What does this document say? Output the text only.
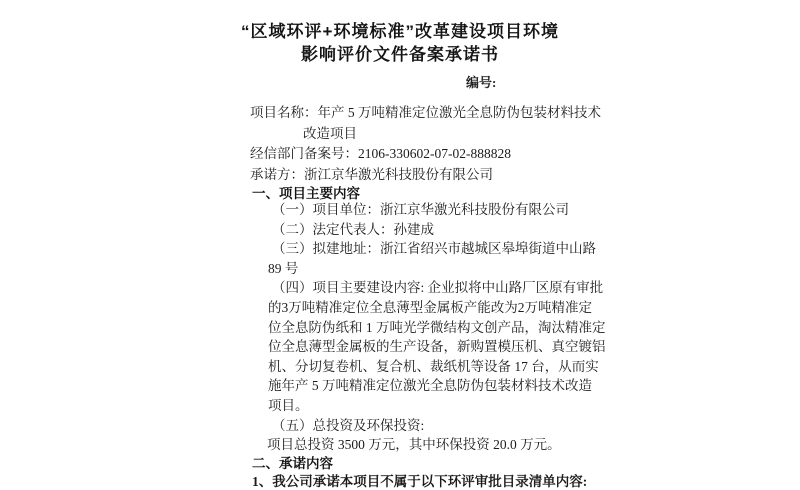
“区域环评+环境标准”改革建设项目环境
影响评价文件备案承诺书
编号:
项目名称：年产 5 万吨精准定位激光全息防伪包装材料技术
改造项目
经信部门备案号：2106-330602-07-02-888828
承诺方：浙江京华激光科技股份有限公司
一、项目主要内容
（一）项目单位：浙江京华激光科技股份有限公司
（二）法定代表人：孙建成
（三）拟建地址：浙江省绍兴市越城区皋埠街道中山路
89 号
（四）项目主要建设内容: 企业拟将中山路厂区原有审批
的3万吨精准定位全息薄型金属板产能改为2万吨精准定
位全息防伪纸和 1 万吨光学微结构文创产品，淘汰精准定
位全息薄型金属板的生产设备，新购置模压机、真空镀铝
机、分切复卷机、复合机、裁纸机等设备 17 台，从而实
施年产 5 万吨精准定位激光全息防伪包装材料技术改造
项目。
（五）总投资及环保投资:
项目总投资 3500 万元，其中环保投资 20.0 万元。
二、承诺内容
1、我公司承诺本项目不属于以下环评审批目录清单内容:
